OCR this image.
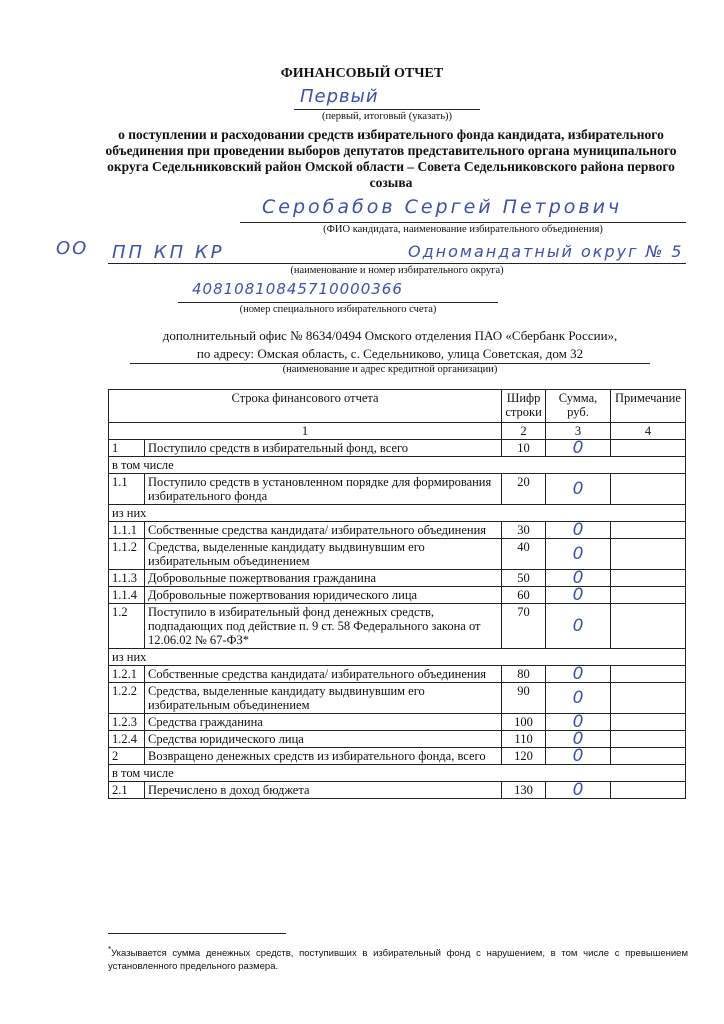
ФИНАНСОВЫЙ ОТЧЕТ
Первый
(первый, итоговый (указать))
о поступлении и расходовании средств избирательного фонда кандидата, избирательного объединения при проведении выборов депутатов представительного органа муниципального округа Седельниковский район Омской области – Совета Седельниковского района первого созыва
Серобабов Сергей Петрович
(ФИО кандидата, наименование избирательного объединения)
ОО ПП КП КР	Одномандатный округ № 5
(наименование и номер избирательного округа)
40810810845710000366
(номер специального избирательного счета)
дополнительный офис № 8634/0494 Омского отделения ПАО «Сбербанк России»,
по адресу: Омская область, с. Седельниково, улица Советская, дом 32
(наименование и адрес кредитной организации)
Строка финансового отчета		Шифр строки	Сумма, руб.	Примечание
1		2	3	4
1	Поступило средств в избирательный фонд, всего	10	0	
в том числе				
1.1	Поступило средств в установленном порядке для формирования избирательного фонда	20	0	
из них				
1.1.1	Собственные средства кандидата/ избирательного объединения	30	0	
1.1.2	Средства, выделенные кандидату выдвинувшим его избирательным объединением	40	0	
1.1.3	Добровольные пожертвования гражданина	50	0	
1.1.4	Добровольные пожертвования юридического лица	60	0	
1.2	Поступило в избирательный фонд денежных средств, подпадающих под действие п. 9 ст. 58 Федерального закона от 12.06.02 № 67-ФЗ*	70	0	
из них				
1.2.1	Собственные средства кандидата/ избирательного объединения	80	0	
1.2.2	Средства, выделенные кандидату выдвинувшим его избирательным объединением	90	0	
1.2.3	Средства гражданина	100	0	
1.2.4	Средства юридического лица	110	0	
2	Возвращено денежных средств из избирательного фонда, всего	120	0	
в том числе				
2.1	Перечислено в доход бюджета	130	0	
*Указывается сумма денежных средств, поступивших в избирательный фонд с нарушением, в том числе с превышением установленного предельного размера.
